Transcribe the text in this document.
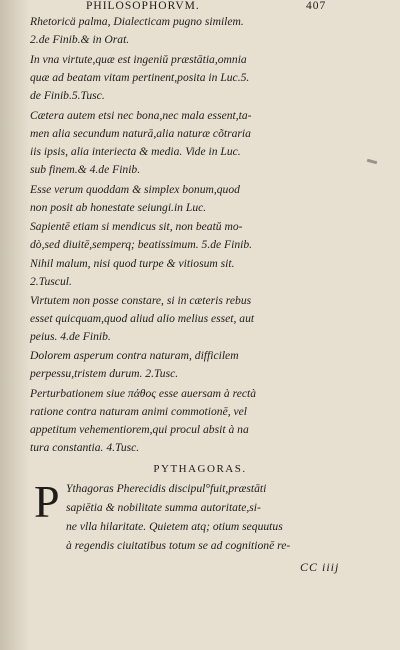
PHILOSOPHORVM.	407
Rhetoricä palma, Dialecticam pugno similem.
2.de Finib.& in Orat.
In vna virtute,quæ est ingeniŭ præstātia,omnia
quæ ad beatam vitam pertinent,posita in Luc.5.
de Finib.5.Tusc.
Cætera autem etsi nec bona,nec mala essent,ta-
men alia secundum naturā,alia naturæ cõtraria
iis ipsis, alia interiecta & media. Vide in Luc.
sub finem.& 4.de Finib.
Esse verum quoddam & simplex bonum,quod
non posit ab honestate seiungi.in Luc.
Sapientē etiam si mendicus sit, non beatŭ mo-
dò,sed diuitē,semperq; beatissimum. 5.de Finib.
Nihil malum, nisi quod turpe & vitiosum sit.
2.Tuscul.
Virtutem non posse constare, si in cæteris rebus
esset quicquam,quod aliud alio melius esset, aut
peius. 4.de Finib.
Dolorem asperum contra naturam, difficilem
perpessu,tristem durum. 2.Tusc.
Perturbationem siue πάθος esse auersam à rectà
ratione contra naturam animi commotionē, vel
appetitum vehementiorem,qui procul absit à na
tura constantia. 4.Tusc.
PYTHAGORAS.
P Ythagoras Pherecidis discipul°fuit,præstāti
sapiētia & nobilitate summa autoritate,si-
ne vlla hilaritate. Quietem atq; otium sequutus
à regendis ciuitatibus totum se ad cognitionē re-
CC iiij
